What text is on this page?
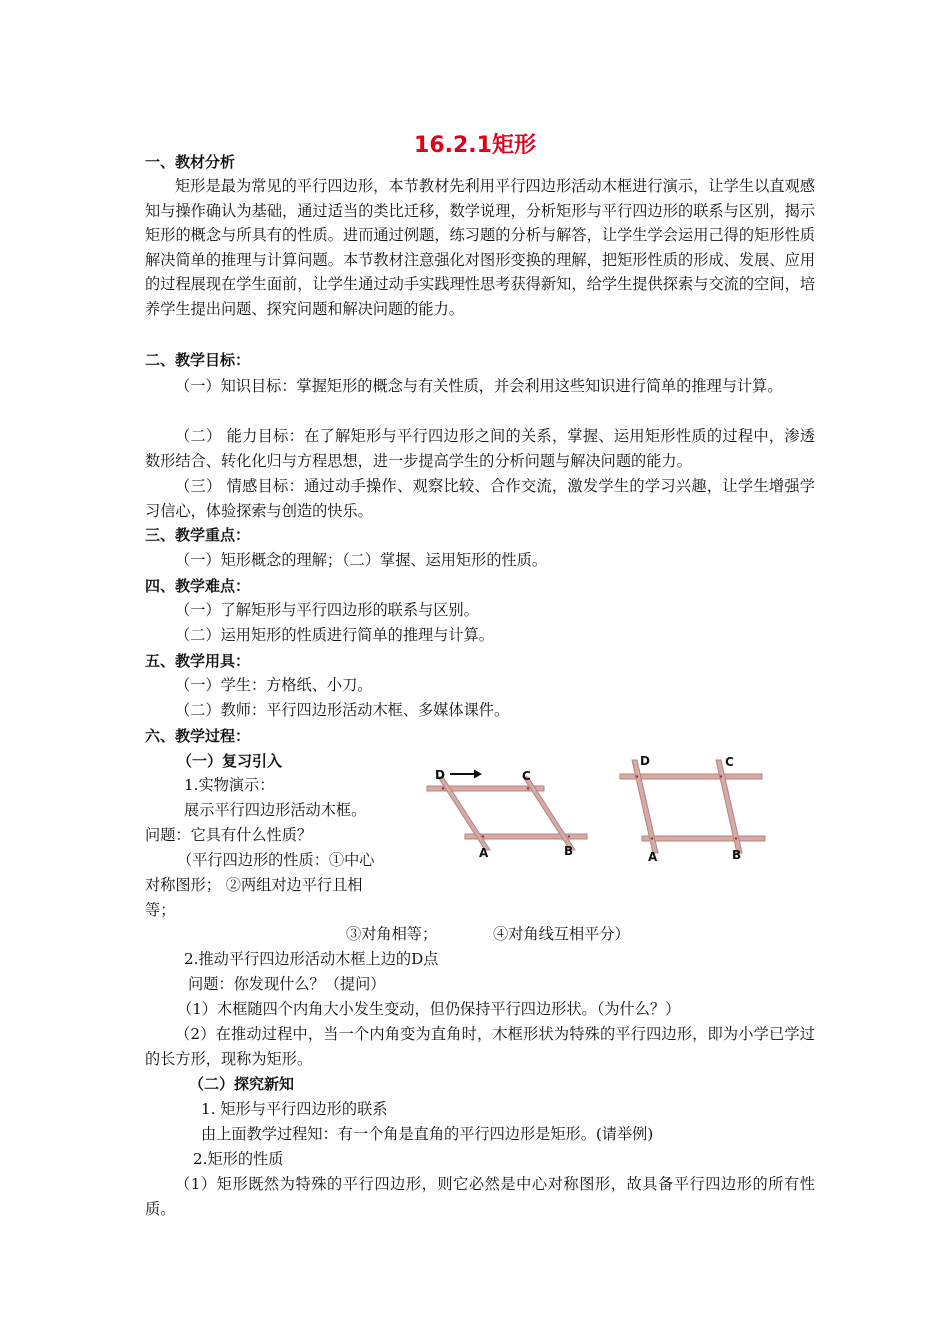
16.2.1矩形
一、教材分析
矩形是最为常见的平行四边形，本节教材先利用平行四边形活动木框进行演示，让学生以直观感知与操作确认为基础，通过适当的类比迁移，数学说理，分析矩形与平行四边形的联系与区别，揭示矩形的概念与所具有的性质。进而通过例题，练习题的分析与解答，让学生学会运用己得的矩形性质解决简单的推理与计算问题。本节教材注意强化对图形变换的理解，把矩形性质的形成、发展、应用的过程展现在学生面前，让学生通过动手实践理性思考获得新知，给学生提供探索与交流的空间，培养学生提出问题、探究问题和解决问题的能力。
二、教学目标：
（一）知识目标：掌握矩形的概念与有关性质，并会利用这些知识进行简单的推理与计算。
（二） 能力目标：在了解矩形与平行四边形之间的关系，掌握、运用矩形性质的过程中，渗透数形结合、转化化归与方程思想，进一步提高学生的分析问题与解决问题的能力。
（三） 情感目标：通过动手操作、观察比较、合作交流，激发学生的学习兴趣，让学生增强学习信心，体验探索与创造的快乐。
三、教学重点：
（一）矩形概念的理解；（二）掌握、运用矩形的性质。
四、教学难点：
（一）了解矩形与平行四边形的联系与区别。
（二）运用矩形的性质进行简单的推理与计算。
五、教学用具：
（一）学生：方格纸、小刀。
（二）教师：平行四边形活动木框、多媒体课件。
六、教学过程：
（一）复习引入
1.实物演示：
展示平行四边形活动木框。
问题：它具有什么性质？
（平行四边形的性质：①中心
对称图形； ②两组对边平行且相
等；
③对角相等；	④对角线互相平分）
2.推动平行四边形活动木框上边的D点
问题：你发现什么？（提问）
（1）木框随四个内角大小发生变动，但仍保持平行四边形状。（为什么？）
（2）在推动过程中，当一个内角变为直角时，木框形状为特殊的平行四边形，即为小学已学过的长方形，现称为矩形。
（二）探究新知
1. 矩形与平行四边形的联系
由上面教学过程知：有一个角是直角的平行四边形是矩形。(请举例)
2.矩形的性质
（1）矩形既然为特殊的平行四边形，则它必然是中心对称图形，故具备平行四边形的所有性质。
D	C
A	B
D	C
A	B
